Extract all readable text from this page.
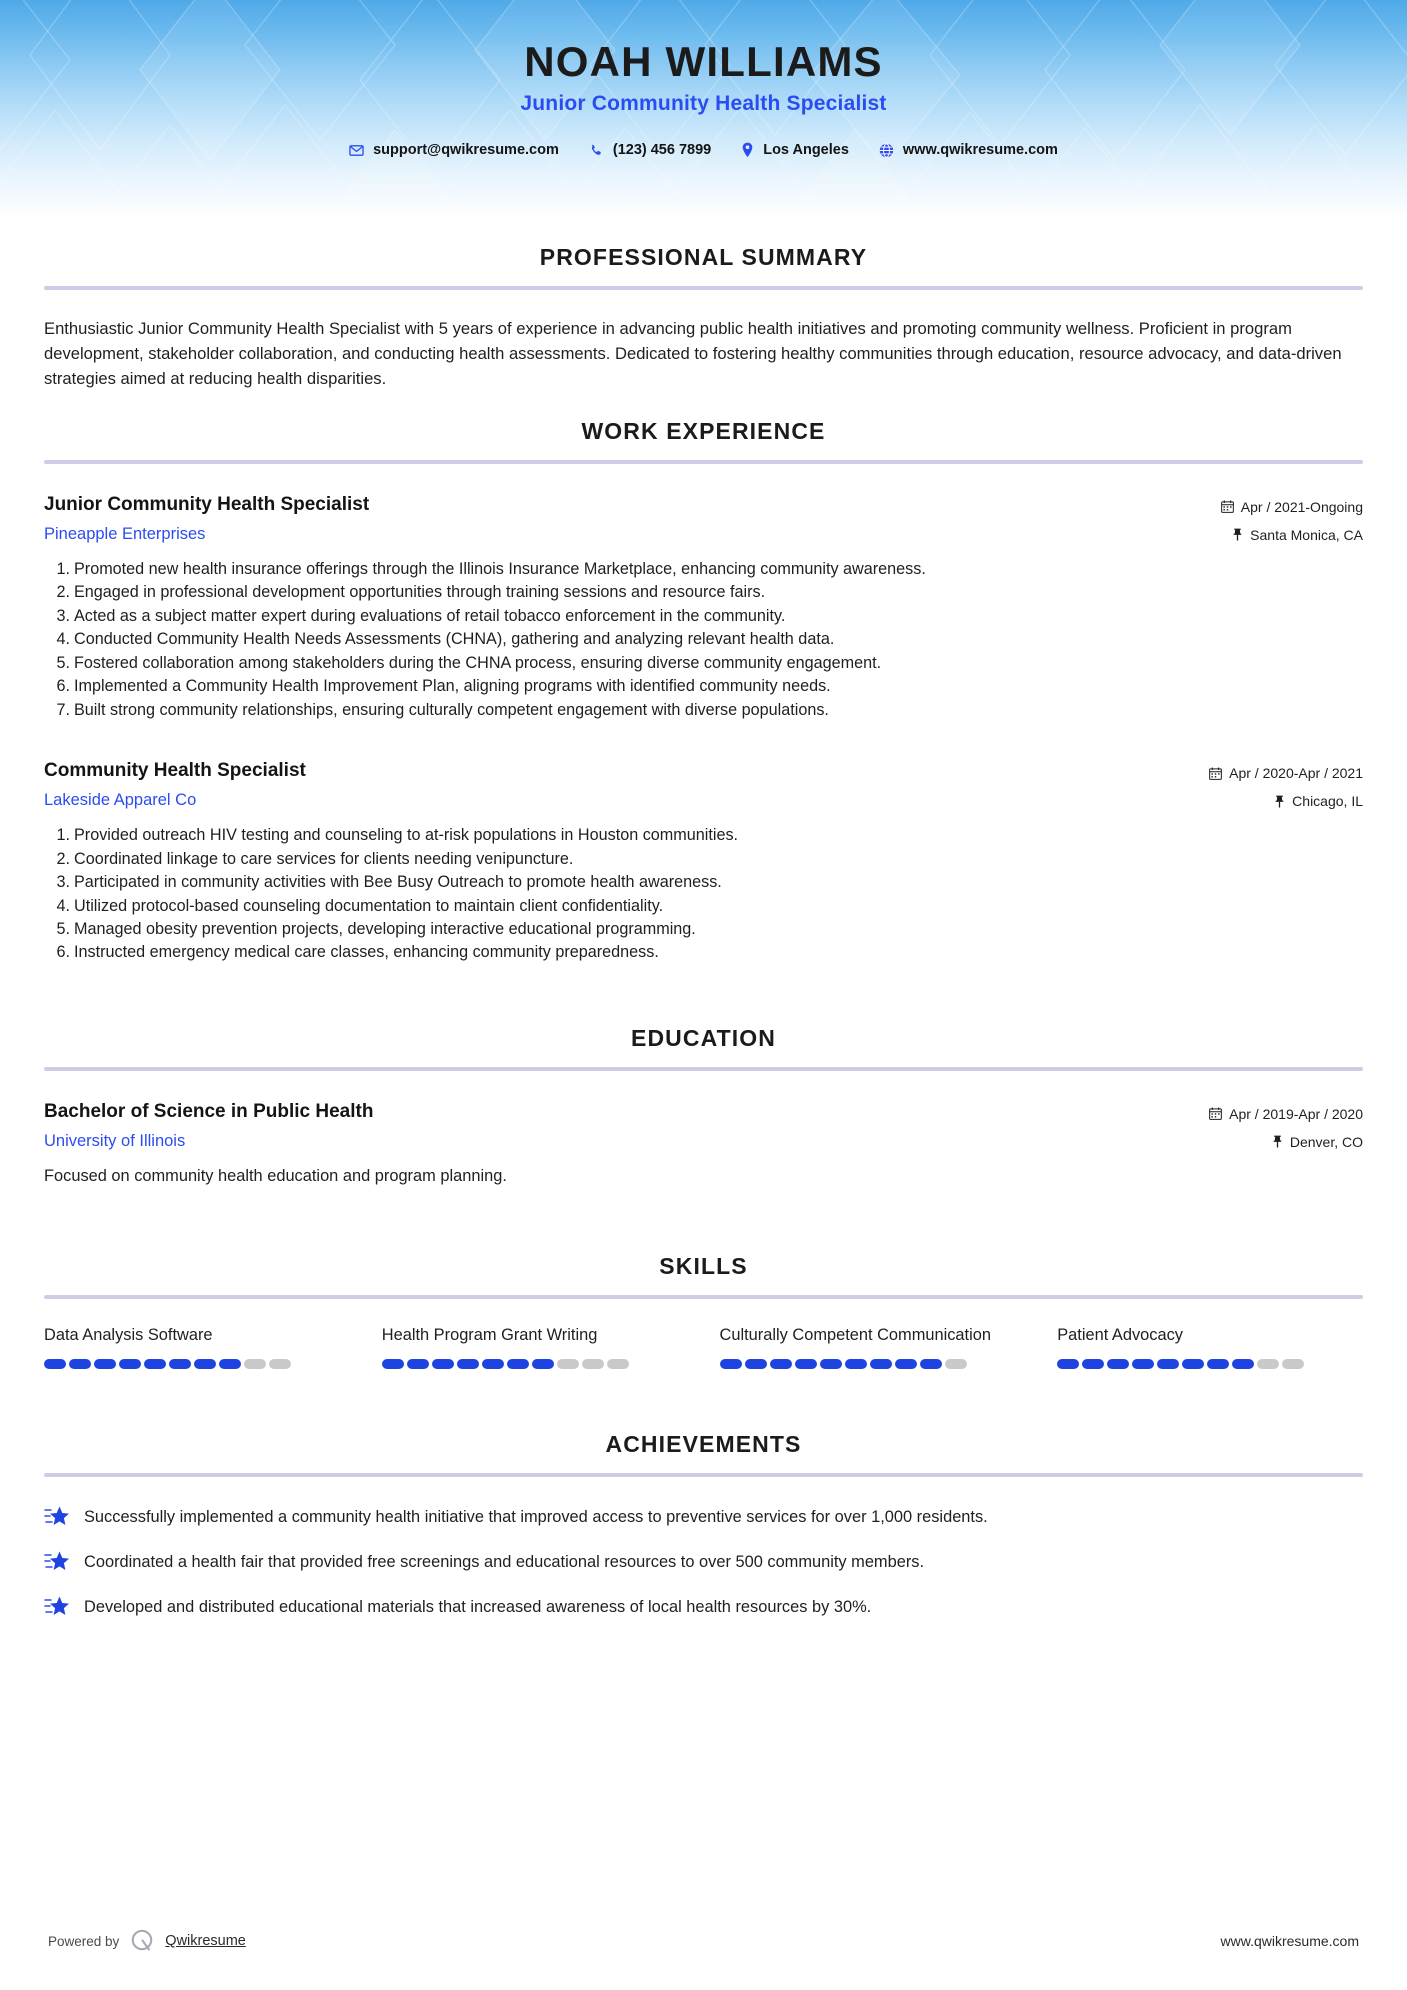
NOAH WILLIAMS
Junior Community Health Specialist
support@qwikresume.com	(123) 456 7899	Los Angeles	www.qwikresume.com
PROFESSIONAL SUMMARY

Enthusiastic Junior Community Health Specialist with 5 years of experience in advancing public health initiatives and promoting community wellness. Proficient in program development, stakeholder collaboration, and conducting health assessments. Dedicated to fostering healthy communities through education, resource advocacy, and data-driven strategies aimed at reducing health disparities.

WORK EXPERIENCE
Junior Community Health Specialist
Pineapple Enterprises
Apr / 2021-Ongoing
Santa Monica, CA
1. Promoted new health insurance offerings through the Illinois Insurance Marketplace, enhancing community awareness.
2. Engaged in professional development opportunities through training sessions and resource fairs.
3. Acted as a subject matter expert during evaluations of retail tobacco enforcement in the community.
4. Conducted Community Health Needs Assessments (CHNA), gathering and analyzing relevant health data.
5. Fostered collaboration among stakeholders during the CHNA process, ensuring diverse community engagement.
6. Implemented a Community Health Improvement Plan, aligning programs with identified community needs.
7. Built strong community relationships, ensuring culturally competent engagement with diverse populations.
Community Health Specialist
Lakeside Apparel Co
Apr / 2020-Apr / 2021
Chicago, IL
1. Provided outreach HIV testing and counseling to at-risk populations in Houston communities.
2. Coordinated linkage to care services for clients needing venipuncture.
3. Participated in community activities with Bee Busy Outreach to promote health awareness.
4. Utilized protocol-based counseling documentation to maintain client confidentiality.
5. Managed obesity prevention projects, developing interactive educational programming.
6. Instructed emergency medical care classes, enhancing community preparedness.
EDUCATION
Bachelor of Science in Public Health
University of Illinois
Apr / 2019-Apr / 2020
Denver, CO
Focused on community health education and program planning.
SKILLS
Data Analysis Software	Health Program Grant Writing	Culturally Competent Communication	Patient Advocacy
ACHIEVEMENTS
Successfully implemented a community health initiative that improved access to preventive services for over 1,000 residents.
Coordinated a health fair that provided free screenings and educational resources to over 500 community members.
Developed and distributed educational materials that increased awareness of local health resources by 30%.
Powered by	Qwikresume	www.qwikresume.com
